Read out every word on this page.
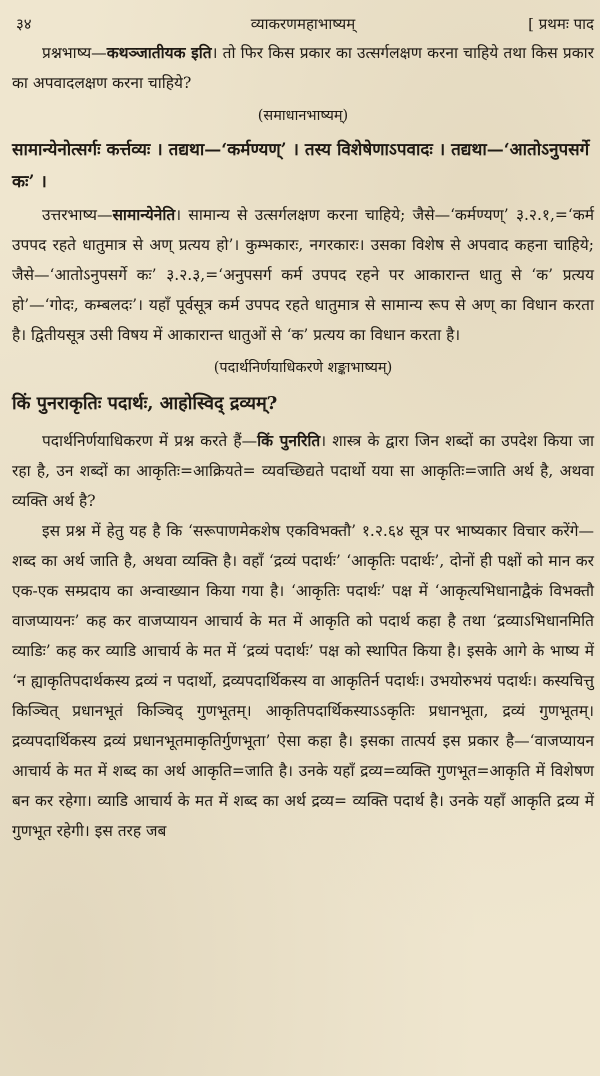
३४	व्याकरणमहाभाष्यम्	[ प्रथमः पाद

प्रश्नभाष्य—कथञ्जातीयक इति। तो फिर किस प्रकार का उत्सर्गलक्षण करना चाहिये तथा किस प्रकार का अपवादलक्षण करना चाहिये?

(समाधानभाष्यम्)
सामान्येनोत्सर्गः कर्त्तव्यः । तद्यथा—‘कर्मण्यण्’ । तस्य विशेषेणाऽपवादः । तद्यथा—‘आतोऽनुपसर्गे कः’ ।

उत्तरभाष्य—सामान्येनेति। सामान्य से उत्सर्गलक्षण करना चाहिये; जैसे—‘कर्मण्यण्’ ३.२.१,=‘कर्म उपपद रहते धातुमात्र से अण् प्रत्यय हो’। कुम्भकारः, नगरकारः। उसका विशेष से अपवाद कहना चाहिये; जैसे—‘आतोऽनुपसर्गे कः’ ३.२.३,=‘अनुपसर्ग कर्म उपपद रहने पर आकारान्त धातु से ‘क’ प्रत्यय हो’—‘गोदः, कम्बलदः’। यहाँ पूर्वसूत्र कर्म उपपद रहते धातुमात्र से सामान्य रूप से अण् का विधान करता है। द्वितीयसूत्र उसी विषय में आकारान्त धातुओं से ‘क’ प्रत्यय का विधान करता है।

(पदार्थनिर्णयाधिकरणे शङ्काभाष्यम्)
किं पुनराकृतिः पदार्थः, आहोस्विद् द्रव्यम्?

पदार्थनिर्णयाधिकरण में प्रश्न करते हैं—किं पुनरिति। शास्त्र के द्वारा जिन शब्दों का उपदेश किया जा रहा है, उन शब्दों का आकृतिः=आक्रियते= व्यवच्छिद्यते पदार्थो यया सा आकृतिः=जाति अर्थ है, अथवा व्यक्ति अर्थ है?

इस प्रश्न में हेतु यह है कि ‘सरूपाणमेकशेष एकविभक्तौ’ १.२.६४ सूत्र पर भाष्यकार विचार करेंगे—शब्द का अर्थ जाति है, अथवा व्यक्ति है। वहाँ ‘द्रव्यं पदार्थः’ ‘आकृतिः पदार्थः’, दोनों ही पक्षों को मान कर एक-एक सम्प्रदाय का अन्वाख्यान किया गया है। ‘आकृतिः पदार्थः’ पक्ष में ‘आकृत्यभिधानाद्वैकं विभक्तौ वाजप्यायनः’ कह कर वाजप्यायन आचार्य के मत में आकृति को पदार्थ कहा है तथा ‘द्रव्याऽभिधानमिति व्याडिः’ कह कर व्याडि आचार्य के मत में ‘द्रव्यं पदार्थः’ पक्ष को स्थापित किया है। इसके आगे के भाष्य में ‘न ह्याकृतिपदार्थकस्य द्रव्यं न पदार्थो, द्रव्यपदार्थिकस्य वा आकृतिर्न पदार्थः। उभयोरुभयं पदार्थः। कस्यचित्तु किञ्चित् प्रधानभूतं किञ्चिद् गुणभूतम्। आकृतिपदार्थिकस्याऽऽकृतिः प्रधानभूता, द्रव्यं गुणभूतम्। द्रव्यपदार्थिकस्य द्रव्यं प्रधानभूतमाकृतिर्गुणभूता’ ऐसा कहा है। इसका तात्पर्य इस प्रकार है—‘वाजप्यायन आचार्य के मत में शब्द का अर्थ आकृति=जाति है। उनके यहाँ द्रव्य=व्यक्ति गुणभूत=आकृति में विशेषण बन कर रहेगा। व्याडि आचार्य के मत में शब्द का अर्थ द्रव्य= व्यक्ति पदार्थ है। उनके यहाँ आकृति द्रव्य में गुणभूत रहेगी। इस तरह जब
